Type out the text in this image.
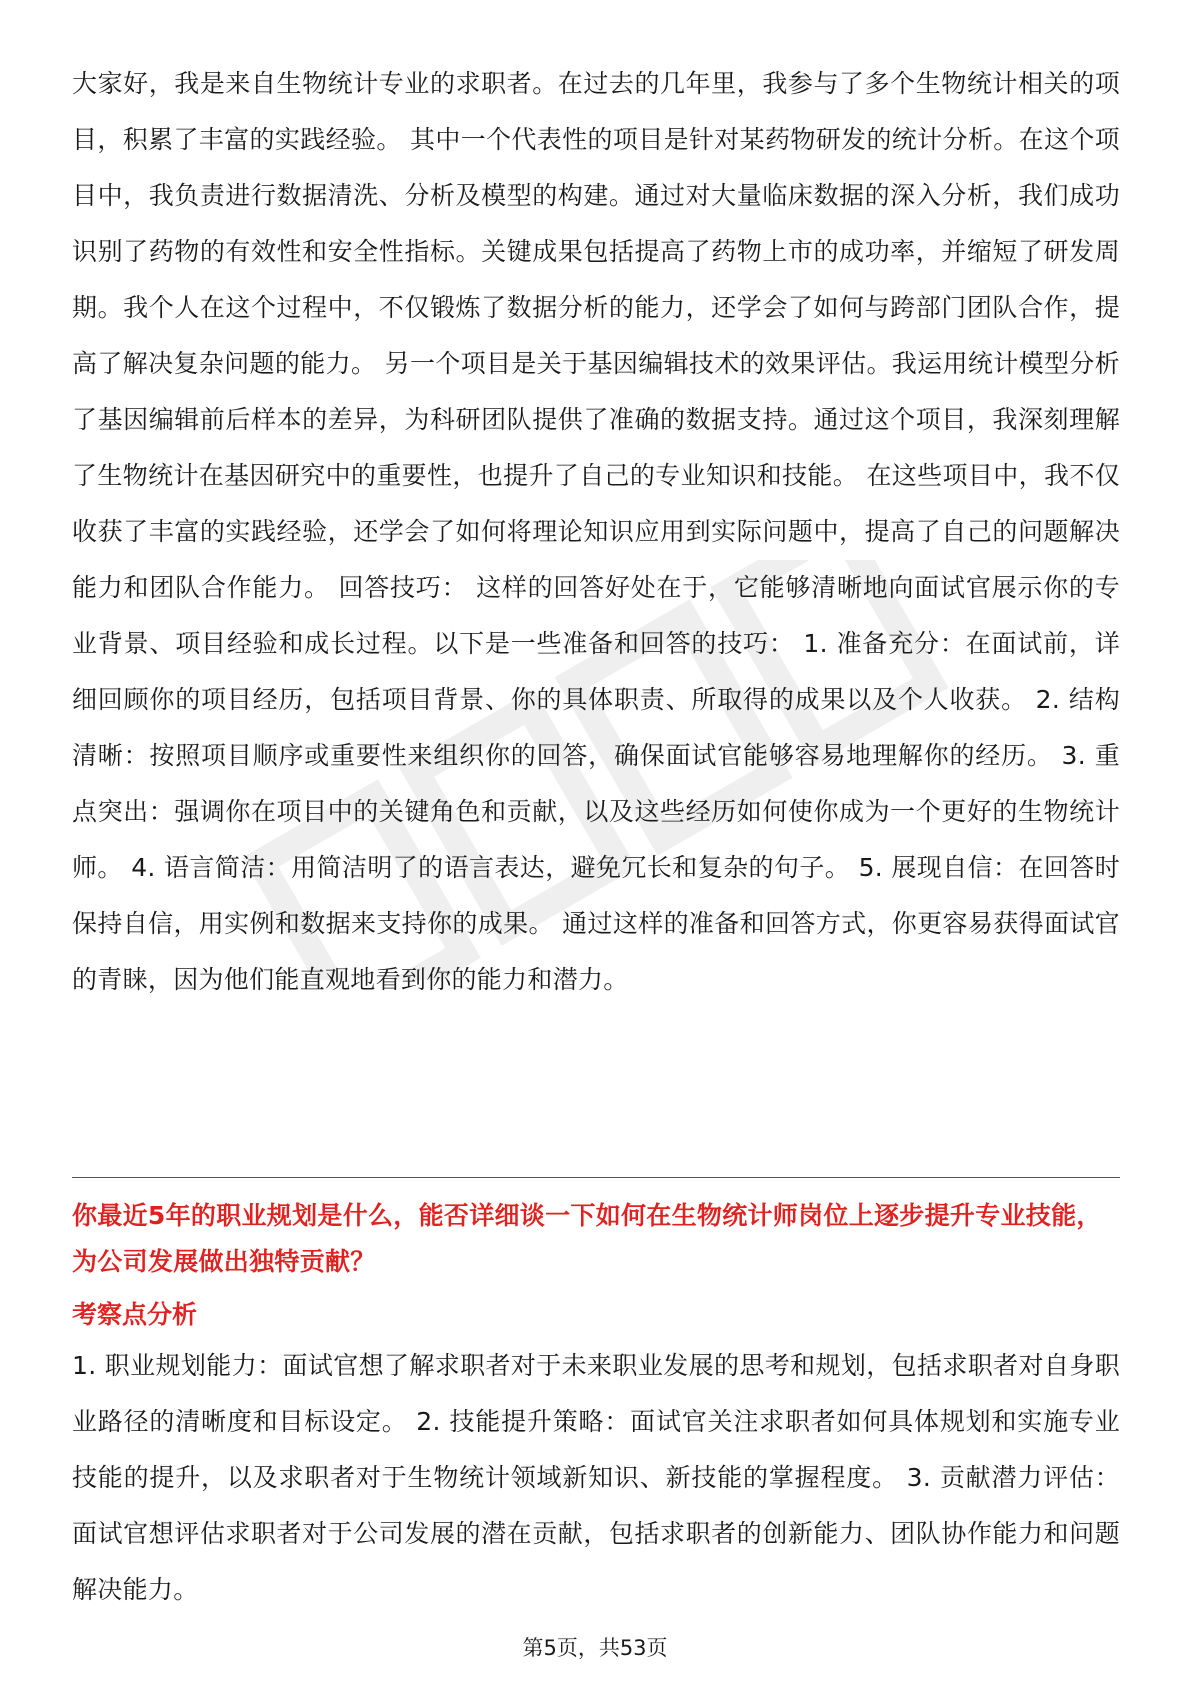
大家好，我是来自生物统计专业的求职者。在过去的几年里，我参与了多个生物统计相关的项目，积累了丰富的实践经验。 其中一个代表性的项目是针对某药物研发的统计分析。在这个项目中，我负责进行数据清洗、分析及模型的构建。通过对大量临床数据的深入分析，我们成功识别了药物的有效性和安全性指标。关键成果包括提高了药物上市的成功率，并缩短了研发周期。我个人在这个过程中，不仅锻炼了数据分析的能力，还学会了如何与跨部门团队合作，提高了解决复杂问题的能力。 另一个项目是关于基因编辑技术的效果评估。我运用统计模型分析了基因编辑前后样本的差异，为科研团队提供了准确的数据支持。通过这个项目，我深刻理解了生物统计在基因研究中的重要性，也提升了自己的专业知识和技能。 在这些项目中，我不仅收获了丰富的实践经验，还学会了如何将理论知识应用到实际问题中，提高了自己的问题解决能力和团队合作能力。 回答技巧： 这样的回答好处在于，它能够清晰地向面试官展示你的专业背景、项目经验和成长过程。以下是一些准备和回答的技巧： 1. 准备充分：在面试前，详细回顾你的项目经历，包括项目背景、你的具体职责、所取得的成果以及个人收获。 2. 结构清晰：按照项目顺序或重要性来组织你的回答，确保面试官能够容易地理解你的经历。 3. 重点突出：强调你在项目中的关键角色和贡献，以及这些经历如何使你成为一个更好的生物统计师。 4. 语言简洁：用简洁明了的语言表达，避免冗长和复杂的句子。 5. 展现自信：在回答时保持自信，用实例和数据来支持你的成果。 通过这样的准备和回答方式，你更容易获得面试官的青睐，因为他们能直观地看到你的能力和潜力。

你最近5年的职业规划是什么，能否详细谈一下如何在生物统计师岗位上逐步提升专业技能，为公司发展做出独特贡献？

考察点分析

1. 职业规划能力：面试官想了解求职者对于未来职业发展的思考和规划，包括求职者对自身职业路径的清晰度和目标设定。 2. 技能提升策略：面试官关注求职者如何具体规划和实施专业技能的提升，以及求职者对于生物统计领域新知识、新技能的掌握程度。 3. 贡献潜力评估：面试官想评估求职者对于公司发展的潜在贡献，包括求职者的创新能力、团队协作能力和问题解决能力。

第5页，共53页
